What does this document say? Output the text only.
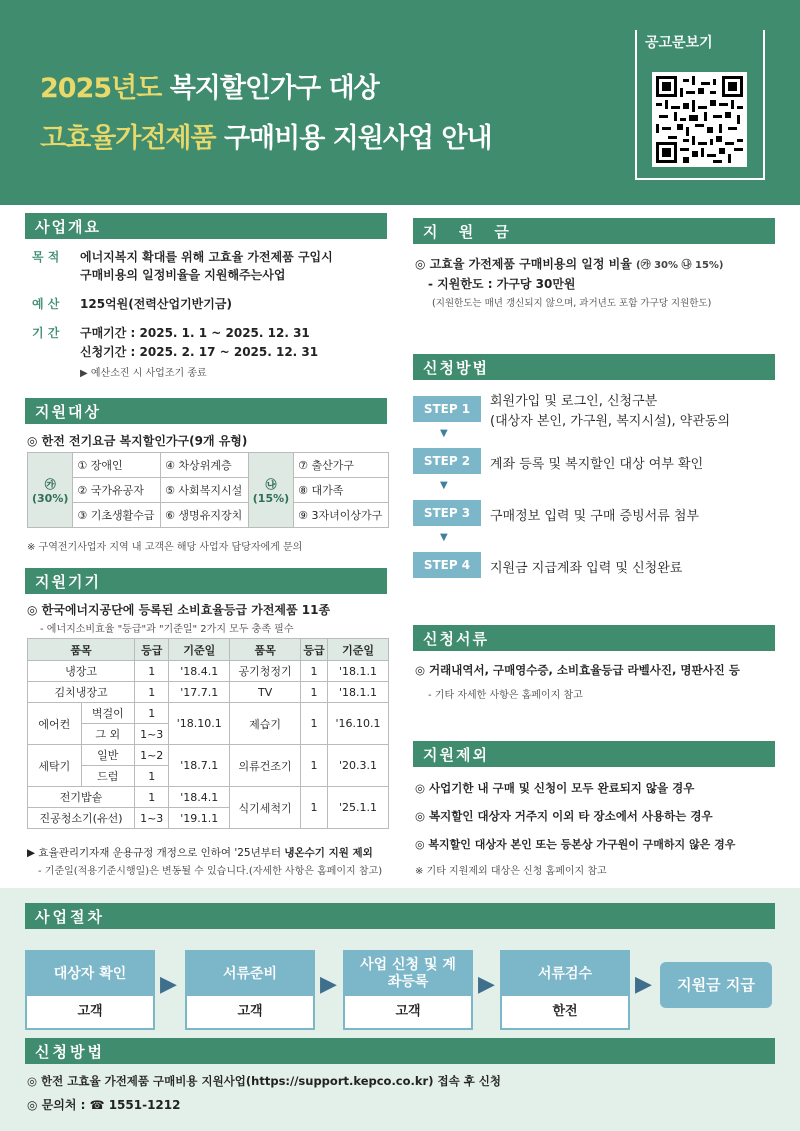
2025년도 복지할인가구 대상
고효율가전제품 구매비용 지원사업 안내
공고문보기
사업개요
목 적 에너지복지 확대를 위해 고효율 가전제품 구입시
구매비용의 일정비율을 지원해주는사업
예 산 125억원(전력산업기반기금)
기 간 구매기간 : 2025. 1. 1 ~ 2025. 12. 31
신청기간 : 2025. 2. 17 ~ 2025. 12. 31
▶ 예산소진 시 사업조기 종료
지원대상
◎ 한전 전기요금 복지할인가구(9개 유형)
㉮ (30%)	① 장애인	④ 차상위계층	㉯ (15%)	⑦ 출산가구
	② 국가유공자	⑤ 사회복지시설		⑧ 대가족
	③ 기초생활수급	⑥ 생명유지장치		⑨ 3자녀이상가구
※ 구역전기사업자 지역 내 고객은 해당 사업자 담당자에게 문의
지원기기
◎ 한국에너지공단에 등록된 소비효율등급 가전제품 11종
- 에너지소비효율 "등급"과 "기준일" 2가지 모두 충족 필수
품목		등급	기준일	품목	등급	기준일
냉장고		1	'18.4.1	공기청정기	1	'18.1.1
김치냉장고		1	'17.7.1	TV	1	'18.1.1
에어컨	벽걸이	1	'18.10.1	제습기	1	'16.10.1
	그 외	1~3				
세탁기	일반	1~2	'18.7.1	의류건조기	1	'20.3.1
	드럼	1				
전기밥솥		1	'18.4.1	식기세척기	1	'25.1.1
진공청소기(유선)		1~3	'19.1.1			
▶ 효율관리기자재 운용규정 개정으로 인하여 '25년부터 냉온수기 지원 제외
- 기준일(적용기준시행일)은 변동될 수 있습니다.(자세한 사항은 홈페이지 참고)
지 원 금
◎ 고효율 가전제품 구매비용의 일정 비율 (㉮ 30% ㉯ 15%)
- 지원한도 : 가구당 30만원
(지원한도는 매년 갱신되지 않으며, 과거년도 포함 가구당 지원한도)
신청방법
STEP 1	회원가입 및 로그인, 신청구분
(대상자 본인, 가구원, 복지시설), 약관동의
▼
STEP 2	계좌 등록 및 복지할인 대상 여부 확인
▼
STEP 3	구매정보 입력 및 구매 증빙서류 첨부
▼
STEP 4	지원금 지급계좌 입력 및 신청완료
신청서류
◎ 거래내역서, 구매영수증, 소비효율등급 라벨사진, 명판사진 등
- 기타 자세한 사항은 홈페이지 참고
지원제외
◎ 사업기한 내 구매 및 신청이 모두 완료되지 않을 경우
◎ 복지할인 대상자 거주지 이외 타 장소에서 사용하는 경우
◎ 복지할인 대상자 본인 또는 등본상 가구원이 구매하지 않은 경우
※ 기타 지원제외 대상은 신청 홈페이지 참고
사업절차
대상자 확인
고객
▶	서류준비
고객
▶
사업 신청 및 계좌등록
고객
▶	서류검수
한전
▶	지원금 지급
신청방법
◎ 한전 고효율 가전제품 구매비용 지원사업(https://support.kepco.co.kr) 접속 후 신청
◎ 문의처 : ☎ 1551-1212
